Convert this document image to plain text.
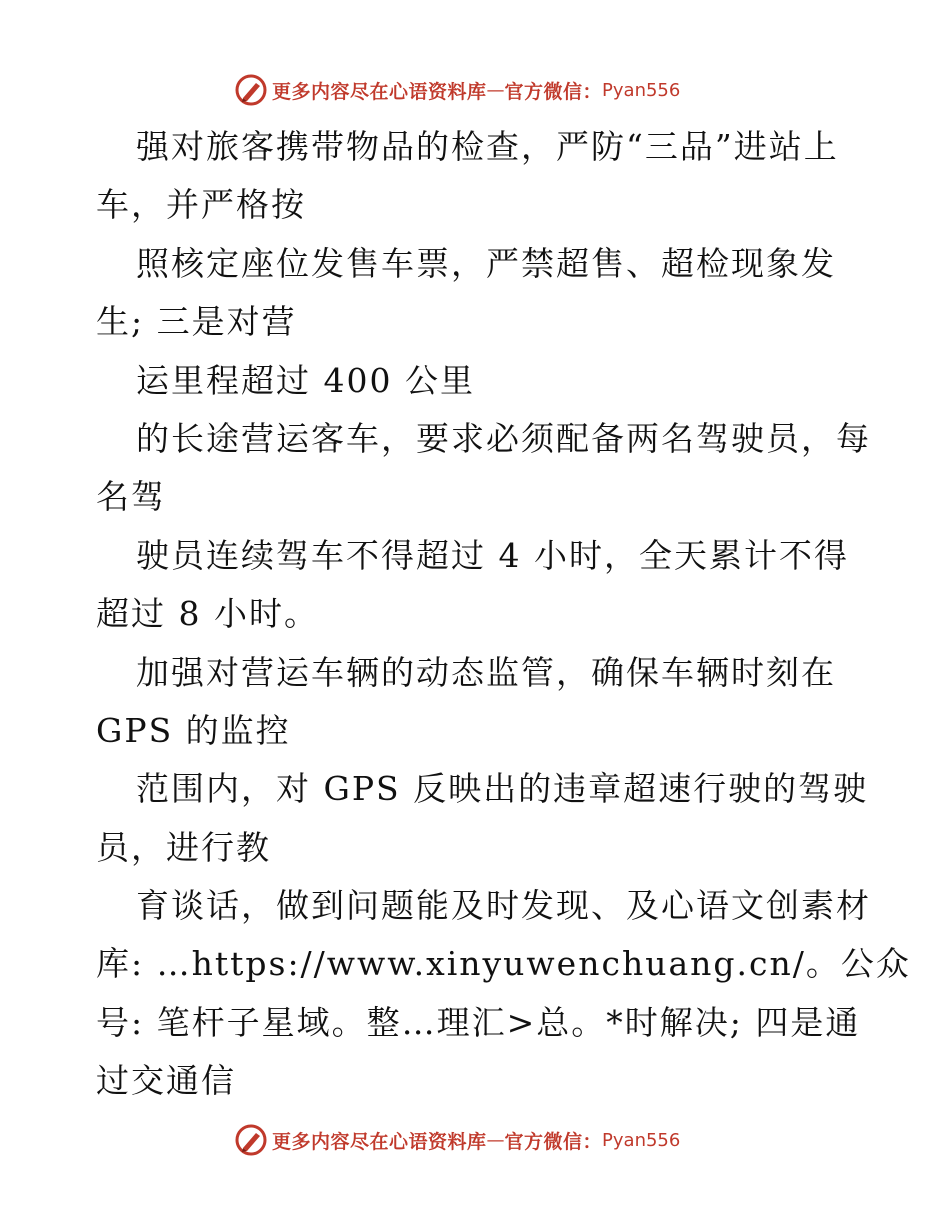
更多内容尽在心语资料库 — 官方微信： Pyan556
强对旅客携带物品的检查，严防“三品”进站上
车，并严格按
照核定座位发售车票，严禁超售、超检现象发
生; 三是对营
运里程超过 400 公里
的长途营运客车，要求必须配备两名驾驶员，每
名驾
驶员连续驾车不得超过 4 小时，全天累计不得
超过 8 小时。
加强对营运车辆的动态监管，确保车辆时刻在
GPS 的监控
范围内，对 GPS 反映出的违章超速行驶的驾驶
员，进行教
育谈话，做到问题能及时发现、及心语文创素材
库: …https://www.xinyuwenchuang.cn/。公众
号: 笔杆子星域。整…理汇>总。*时解决; 四是通
过交通信
更多内容尽在心语资料库 — 官方微信： Pyan556
